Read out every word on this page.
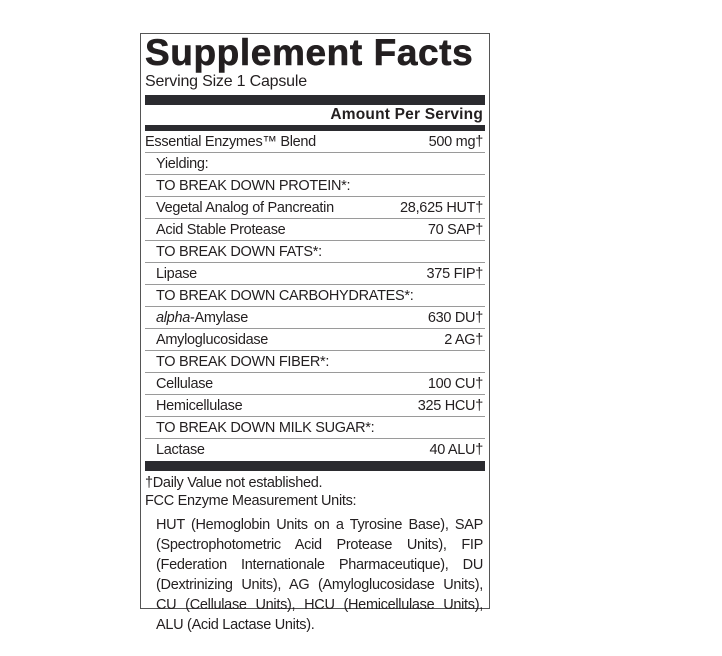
Supplement Facts
Serving Size 1 Capsule
Amount Per Serving
Essential Enzymes™ Blend	500 mg†
Yielding:
TO BREAK DOWN PROTEIN*:
Vegetal Analog of Pancreatin	28,625 HUT†
Acid Stable Protease	70 SAP†
TO BREAK DOWN FATS*:
Lipase	375 FIP†
TO BREAK DOWN CARBOHYDRATES*:
alpha-Amylase	630 DU†
Amyloglucosidase	2 AG†
TO BREAK DOWN FIBER*:
Cellulase	100 CU†
Hemicellulase	325 HCU†
TO BREAK DOWN MILK SUGAR*:
Lactase	40 ALU†
†Daily Value not established.
FCC Enzyme Measurement Units:
HUT (Hemoglobin Units on a Tyrosine Base), SAP (Spectrophotometric Acid Protease Units), FIP (Federation Internationale Pharmaceutique), DU (Dextrinizing Units), AG (Amyloglucosidase Units), CU (Cellulase Units), HCU (Hemicellulase Units), ALU (Acid Lactase Units).
